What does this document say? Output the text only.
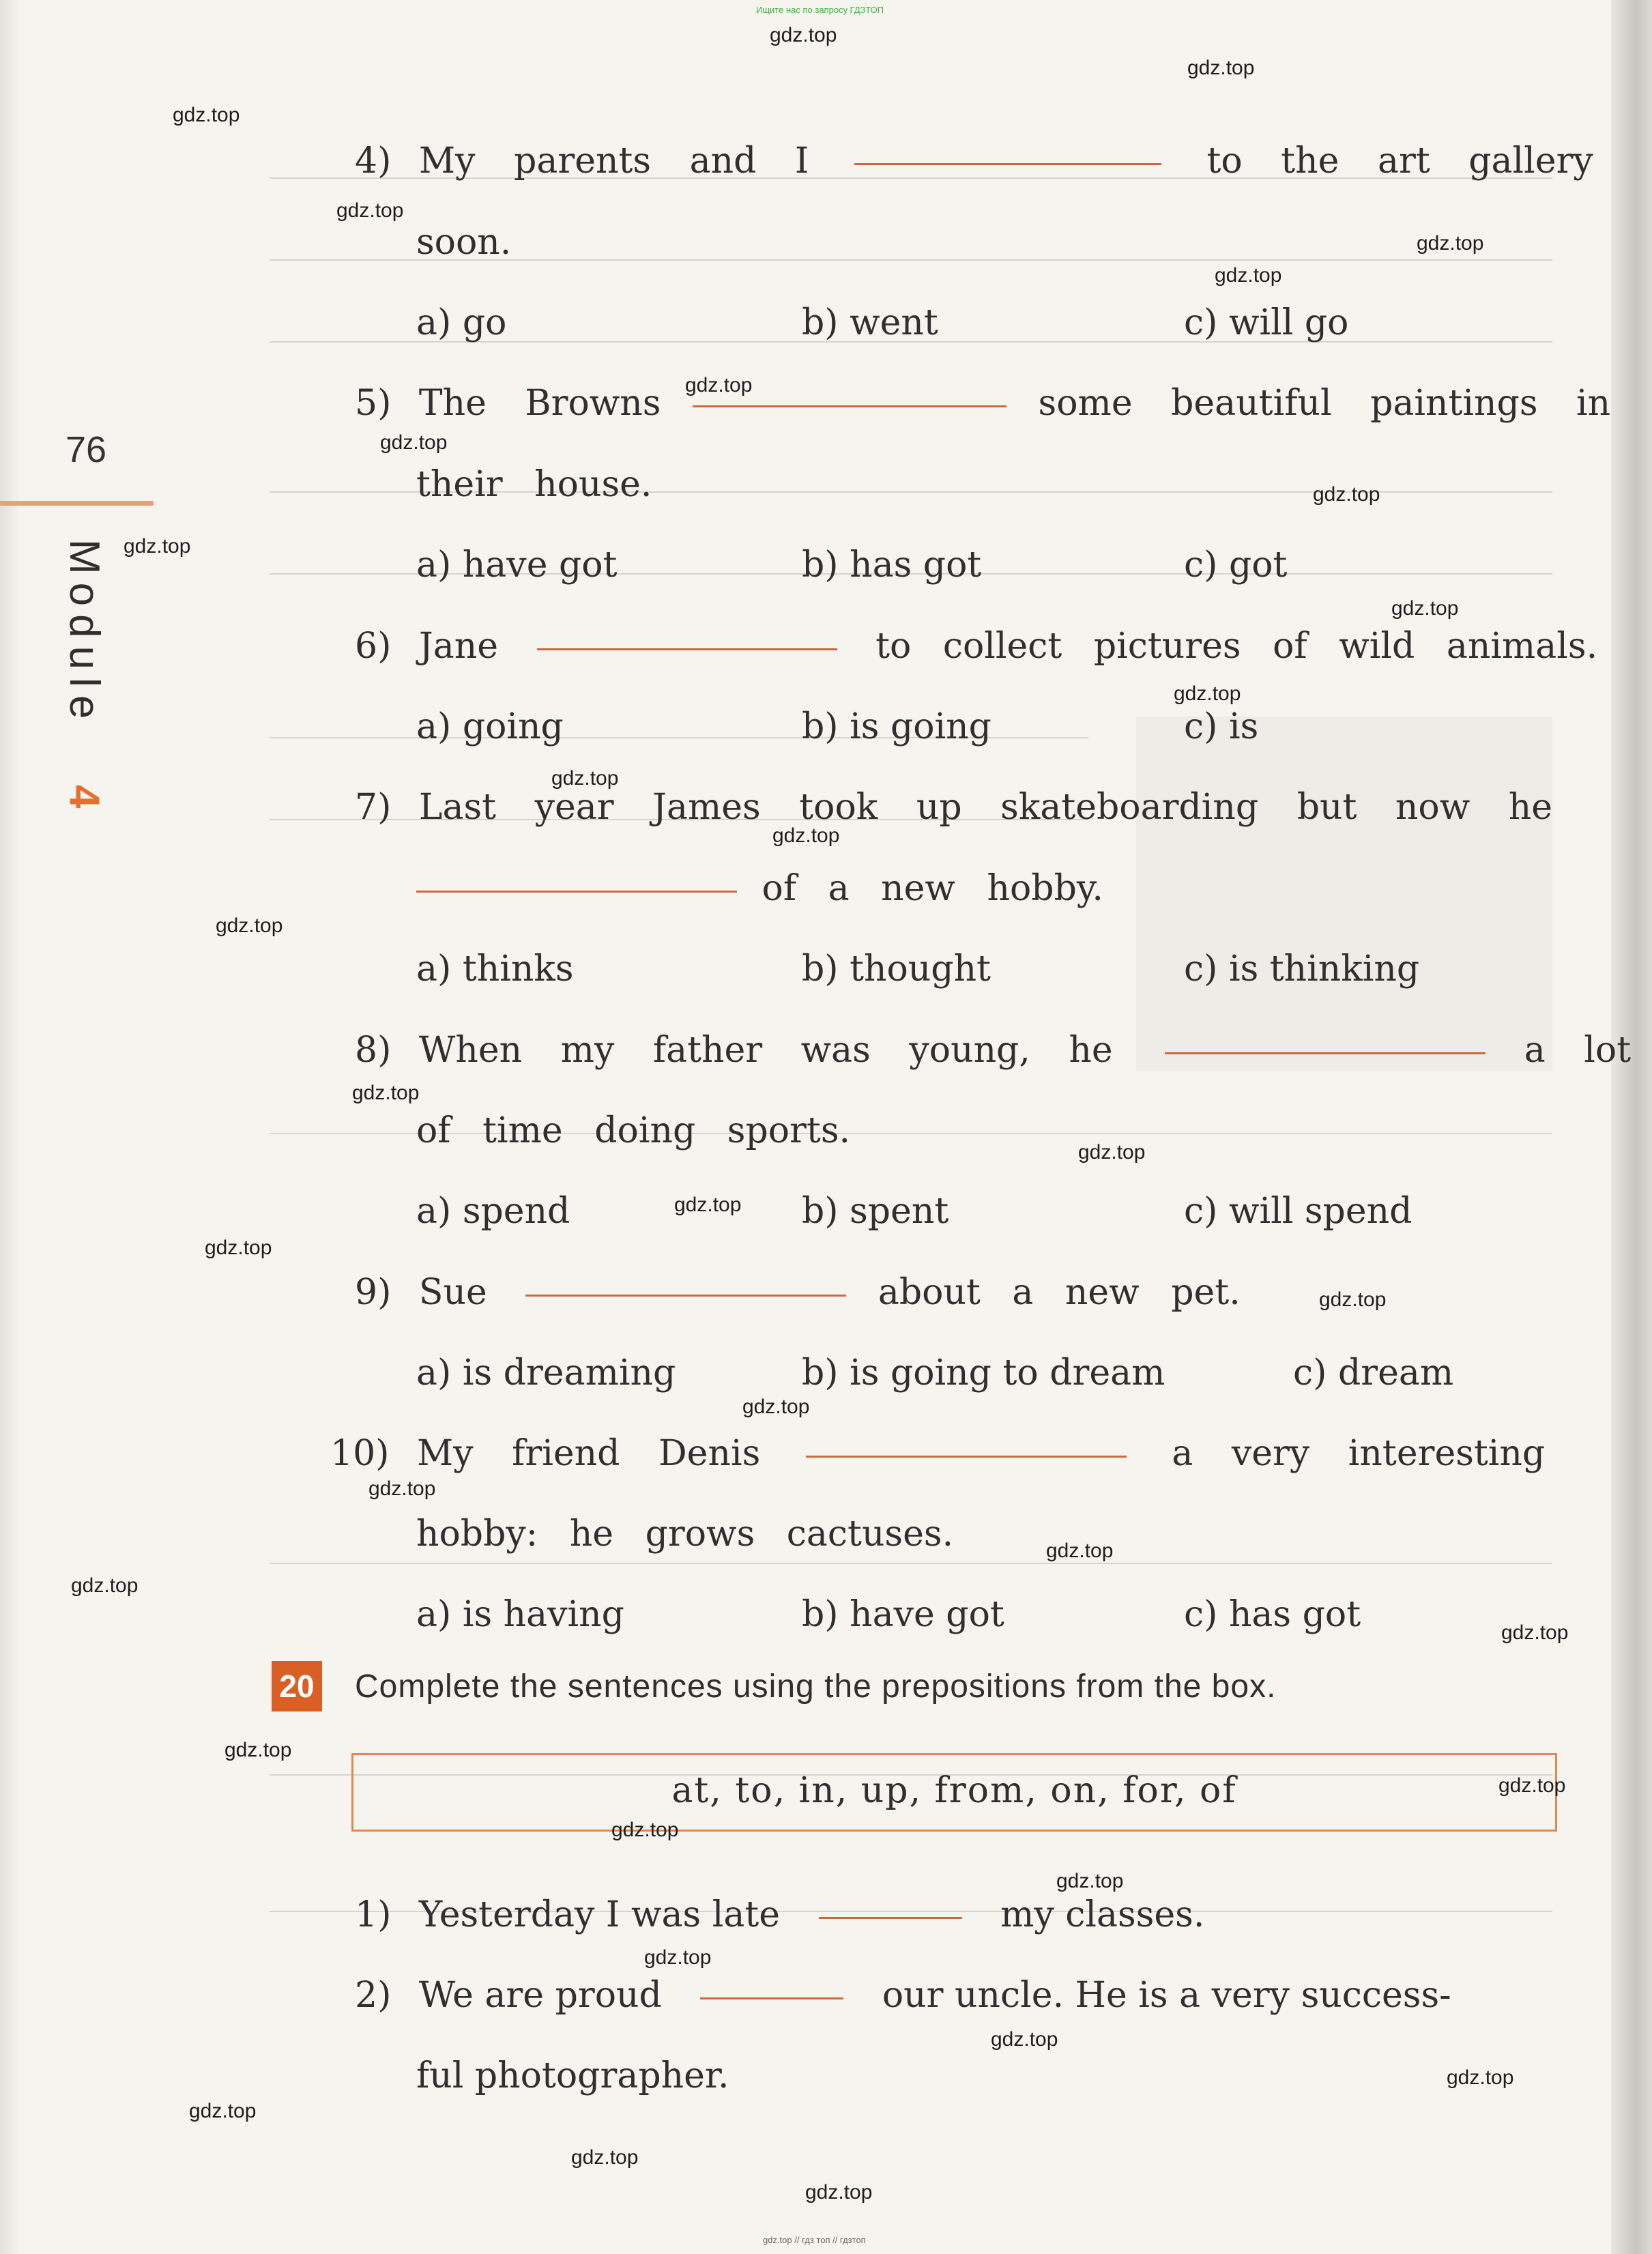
Ищите нас по запросу ГДЗТОП
gdz.top // гдз топ // гдзтоп
76
Module
4
4) My parents and I	to the art gallery
soon.
a) go	b) went	c) will go
5) The Browns	some beautiful paintings in
their house.
a) have got	b) has got	c) got
6) Jane	to collect pictures of wild animals.
a) going	b) is going	c) is
7) Last year James took up skateboarding but now he
of a new hobby.
a) thinks	b) thought	c) is thinking
8) When my father was young, he	a lot
of time doing sports.
a) spend	b) spent	c) will spend
9) Sue	about a new pet.
a) is dreaming	b) is going to dream	c) dream
10) My friend Denis	a very interesting
hobby: he grows cactuses.
a) is having	b) have got	c) has got
20 Complete the sentences using the prepositions from the box.
at, to, in, up, from, on, for, of
1) Yesterday I was late	my classes.
2) We are proud	our uncle. He is a very success-
ful photographer.
gdz.top
gdz.top
gdz.top
gdz.top
gdz.top
gdz.top
gdz.top
gdz.top
gdz.top
gdz.top
gdz.top
gdz.top
gdz.top
gdz.top
gdz.top
gdz.top
gdz.top
gdz.top
gdz.top
gdz.top
gdz.top
gdz.top
gdz.top
gdz.top
gdz.top
gdz.top
gdz.top
gdz.top
gdz.top
gdz.top
gdz.top
gdz.top
gdz.top
gdz.top
gdz.top
